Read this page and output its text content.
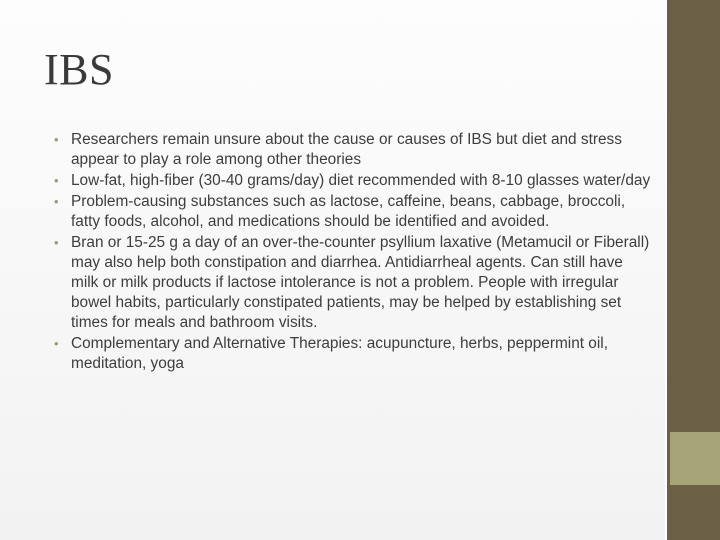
IBS
• Researchers remain unsure about the cause or causes of IBS but diet and stress appear to play a role among other theories
• Low-fat, high-fiber (30-40 grams/day) diet recommended with 8-10 glasses water/day
• Problem-causing substances such as lactose, caffeine, beans, cabbage, broccoli, fatty foods, alcohol, and medications should be identified and avoided.
• Bran or 15-25 g a day of an over-the-counter psyllium laxative (Metamucil or Fiberall) may also help both constipation and diarrhea. Antidiarrheal agents. Can still have milk or milk products if lactose intolerance is not a problem. People with irregular bowel habits, particularly constipated patients, may be helped by establishing set times for meals and bathroom visits.
• Complementary and Alternative Therapies: acupuncture, herbs, peppermint oil, meditation, yoga
